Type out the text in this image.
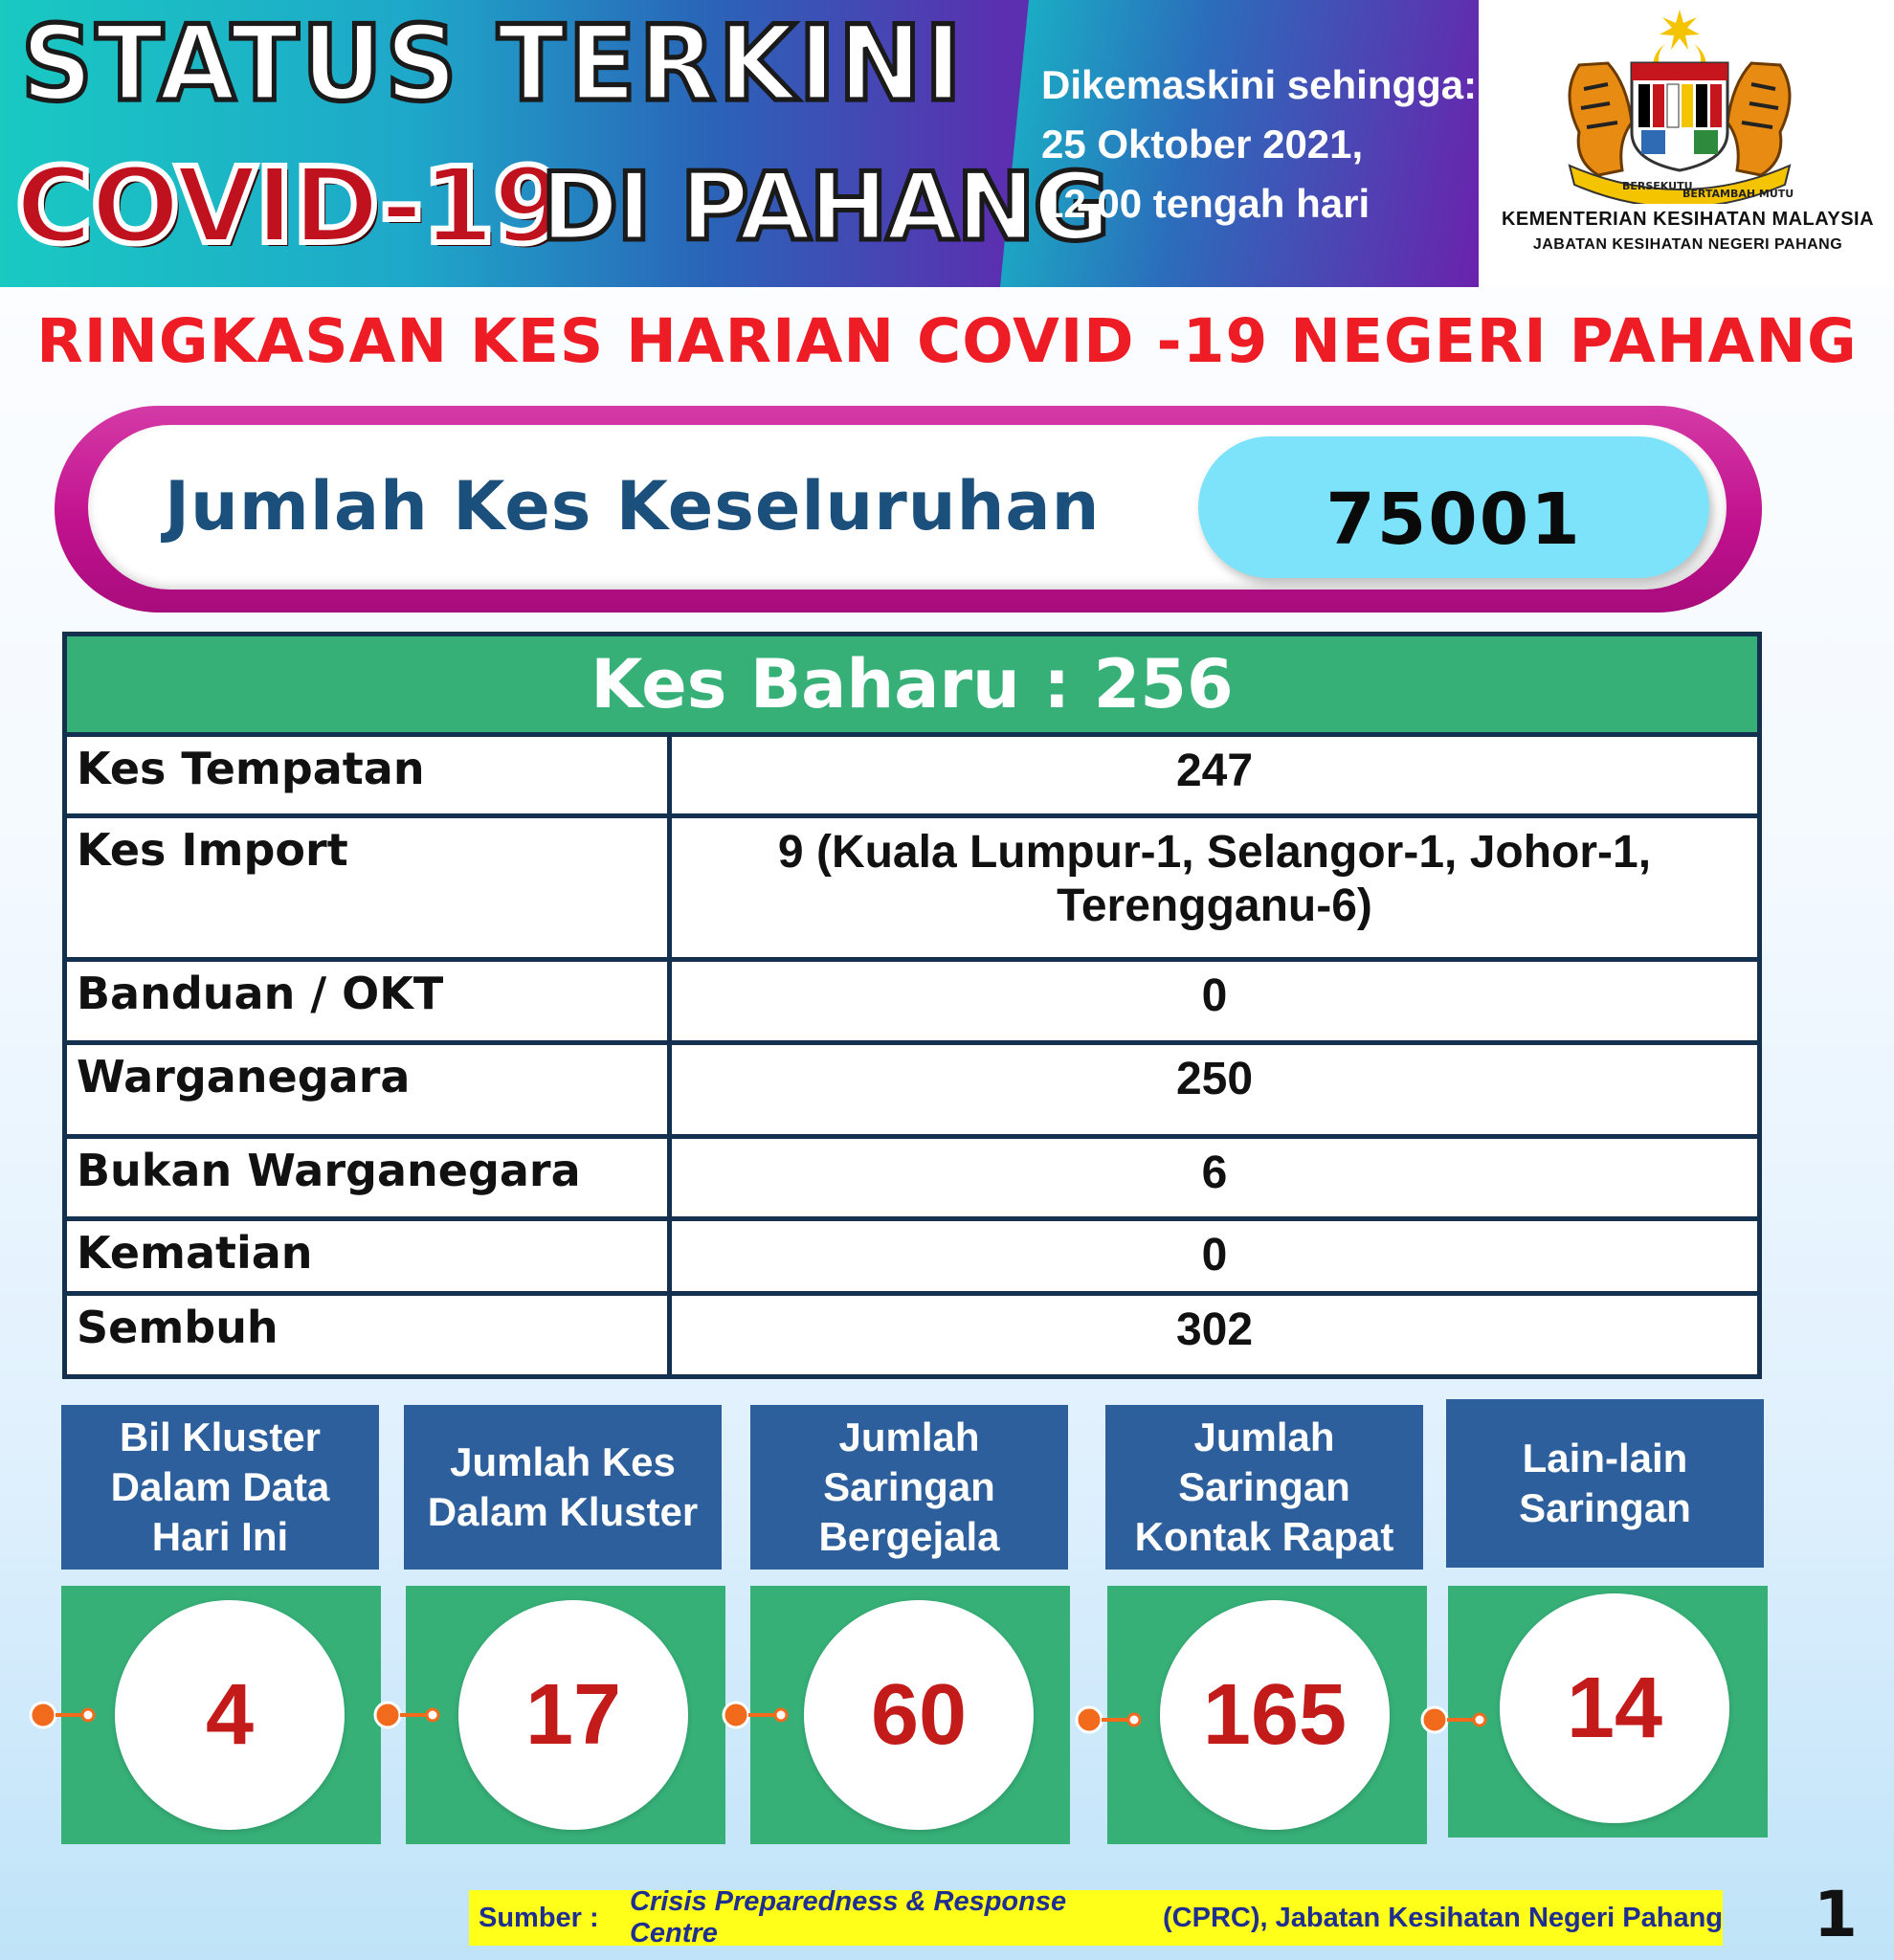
STATUS TERKINI
COVID-19
DI PAHANG
Dikemaskini sehingga:
25 Oktober 2021,
12.00 tengah hari	BERSEKUTU
BERTAMBAH MUTU
KEMENTERIAN KESIHATAN MALAYSIA
JABATAN KESIHATAN NEGERI PAHANG
RINGKASAN KES HARIAN COVID -19 NEGERI PAHANG
Jumlah Kes Keseluruhan	75001
Kes Baharu : 256
Kes Tempatan	247
Kes Import	9 (Kuala Lumpur-1, Selangor-1, Johor-1, Terengganu-6)
Banduan / OKT	0
Warganegara	250
Bukan Warganegara	6
Kematian	0
Sembuh	302
Bil Kluster
Dalam Data
Hari Ini
Jumlah Kes
Dalam Kluster
Jumlah
Saringan
Bergejala
Jumlah
Saringan
Kontak Rapat
Lain-lain
Saringan
4	17	60	165	14
Sumber :
Crisis Preparedness & Response Centre
(CPRC), Jabatan Kesihatan Negeri Pahang 1
